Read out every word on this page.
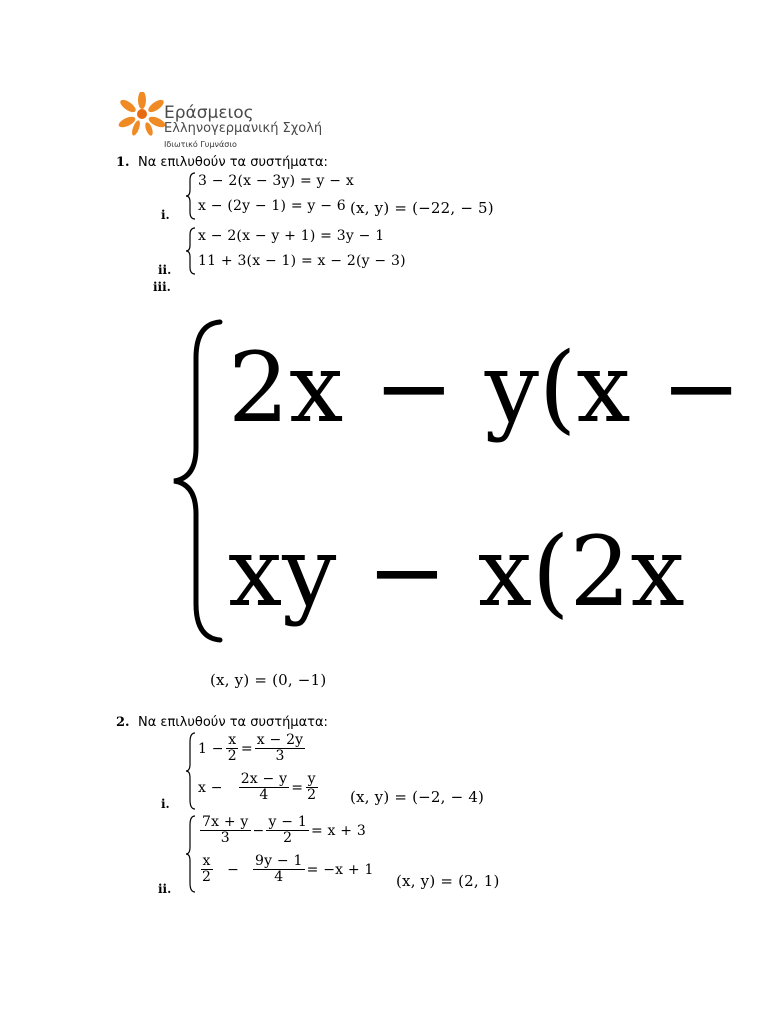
Εράσμειος
Ελληνογερμανική Σχολή
Ιδιωτικό Γυμνάσιο
1. Να επιλυθούν τα συστήματα:
3 − 2(x − 3y) = y − x
x − (2y − 1) = y − 6 (x, y) = (−22, − 5)
i.
x − 2(x − y + 1) = 3y − 1
11 + 3(x − 1) = x − 2(y − 3)
ii.
iii.
2x − y(x −
xy − x(2x
(x, y) = (0, −1)
2. Να επιλυθούν τα συστήματα:
$1 - \frac{x}{2} = \frac{x - 2y}{3}$
$x - \frac{2x - y}{4} = \frac{y}{2} (x$, y) = (−2, − 4)
i.
$\frac{7x + y}{3} - \frac{y - 1}{2} = x + 3$
$\frac{x}{2} - \frac{9y - 1}{4} = -x + 1$
(x, y) = (2, 1)
ii.
